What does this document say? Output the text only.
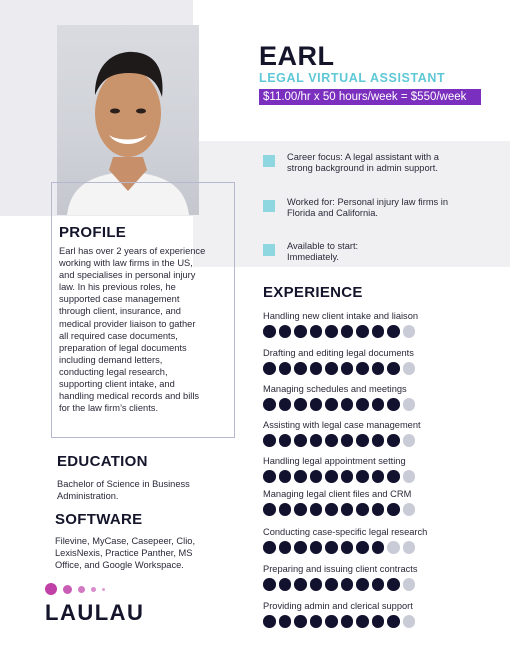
EARL
LEGAL VIRTUAL ASSISTANT
$11.00/hr x 50 hours/week = $550/week
Career focus: A legal assistant with a
strong background in admin support.
Worked for: Personal injury law firms in
Florida and California.
Available to start:
Immediately.
PROFILE
Earl has over 2 years of experience
working with law firms in the US,
and specialises in personal injury
law. In his previous roles, he
supported case management
through client, insurance, and
medical provider liaison to gather
all required case documents,
preparation of legal documents
including demand letters,
conducting legal research,
supporting client intake, and
handling medical records and bills
for the law firm’s clients.
EDUCATION
Bachelor of Science in Business
Administration.
SOFTWARE
Filevine, MyCase, Casepeer, Clio,
LexisNexis, Practice Panther, MS
Office, and Google Workspace.
LAULAU
EXPERIENCE
Handling new client intake and liaison
Drafting and editing legal documents
Managing schedules and meetings
Assisting with legal case management
Handling legal appointment setting
Managing legal client files and CRM
Conducting case-specific legal research
Preparing and issuing client contracts
Providing admin and clerical support
